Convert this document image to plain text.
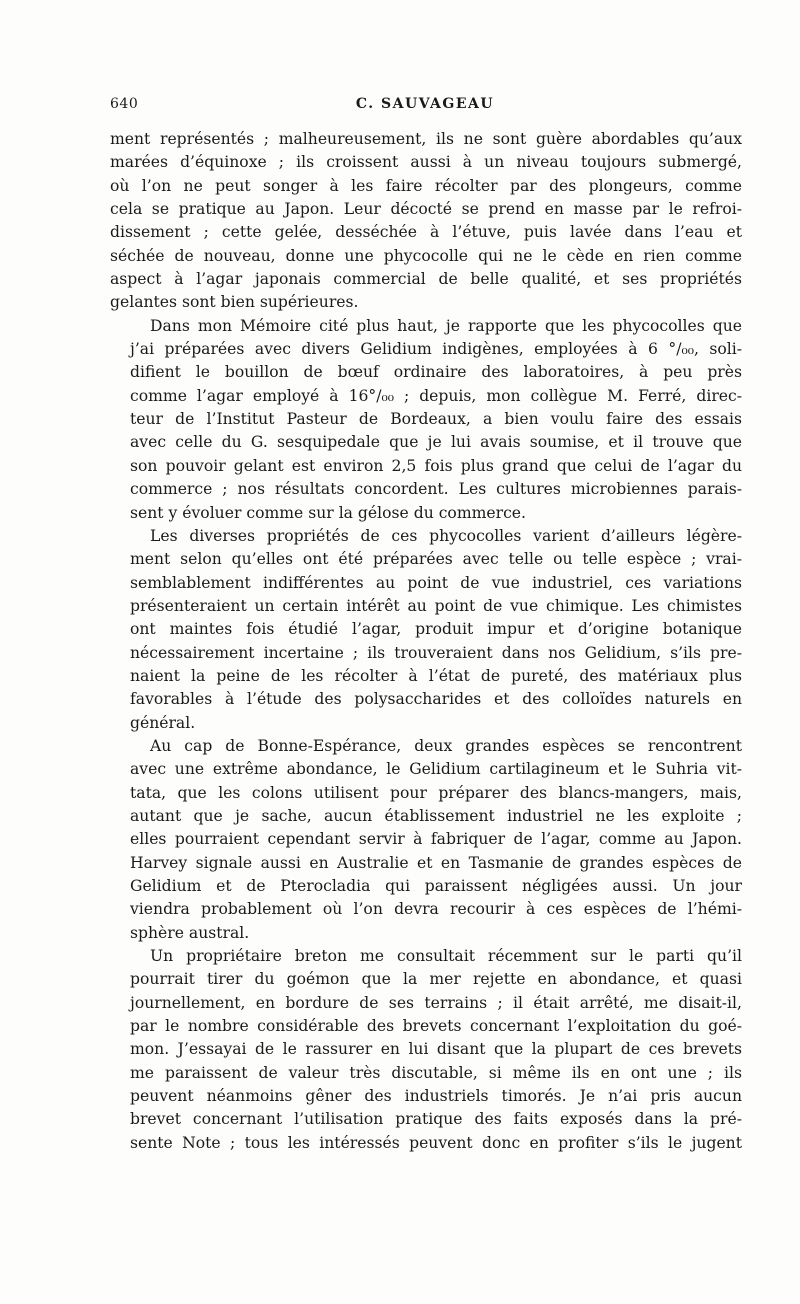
640	C. SAUVAGEAU

ment représentés ; malheureusement, ils ne sont guère abordables qu’aux
marées d’équinoxe ; ils croissent aussi à un niveau toujours submergé,
où l’on ne peut songer à les faire récolter par des plongeurs, comme
cela se pratique au Japon. Leur décocté se prend en masse par le refroi-
dissement ; cette gelée, desséchée à l’étuve, puis lavée dans l’eau et
séchée de nouveau, donne une phycocolle qui ne le cède en rien comme
aspect à l’agar japonais commercial de belle qualité, et ses propriétés
gelantes sont bien supérieures.

Dans mon Mémoire cité plus haut, je rapporte que les phycocolles que
j’ai préparées avec divers Gelidium indigènes, employées à 6 °/₀₀, soli-
difient le bouillon de bœuf ordinaire des laboratoires, à peu près
comme l’agar employé à 16°/₀₀ ; depuis, mon collègue M. Ferré, direc-
teur de l’Institut Pasteur de Bordeaux, a bien voulu faire des essais
avec celle du G. sesquipedale que je lui avais soumise, et il trouve que
son pouvoir gelant est environ 2,5 fois plus grand que celui de l’agar du
commerce ; nos résultats concordent. Les cultures microbiennes parais-
sent y évoluer comme sur la gélose du commerce.

Les diverses propriétés de ces phycocolles varient d’ailleurs légère-
ment selon qu’elles ont été préparées avec telle ou telle espèce ; vrai-
semblablement indifférentes au point de vue industriel, ces variations
présenteraient un certain intérêt au point de vue chimique. Les chimistes
ont maintes fois étudié l’agar, produit impur et d’origine botanique
nécessairement incertaine ; ils trouveraient dans nos Gelidium, s’ils pre-
naient la peine de les récolter à l’état de pureté, des matériaux plus
favorables à l’étude des polysaccharides et des colloïdes naturels en
général.

Au cap de Bonne-Espérance, deux grandes espèces se rencontrent
avec une extrême abondance, le Gelidium cartilagineum et le Suhria vit-
tata, que les colons utilisent pour préparer des blancs-mangers, mais,
autant que je sache, aucun établissement industriel ne les exploite ;
elles pourraient cependant servir à fabriquer de l’agar, comme au Japon.
Harvey signale aussi en Australie et en Tasmanie de grandes espèces de
Gelidium et de Pterocladia qui paraissent négligées aussi. Un jour
viendra probablement où l’on devra recourir à ces espèces de l’hémi-
sphère austral.

Un propriétaire breton me consultait récemment sur le parti qu’il
pourrait tirer du goémon que la mer rejette en abondance, et quasi
journellement, en bordure de ses terrains ; il était arrêté, me disait-il,
par le nombre considérable des brevets concernant l’exploitation du goé-
mon. J’essayai de le rassurer en lui disant que la plupart de ces brevets
me paraissent de valeur très discutable, si même ils en ont une ; ils
peuvent néanmoins gêner des industriels timorés. Je n’ai pris aucun
brevet concernant l’utilisation pratique des faits exposés dans la pré-
sente Note ; tous les intéressés peuvent donc en profiter s’ils le jugent
